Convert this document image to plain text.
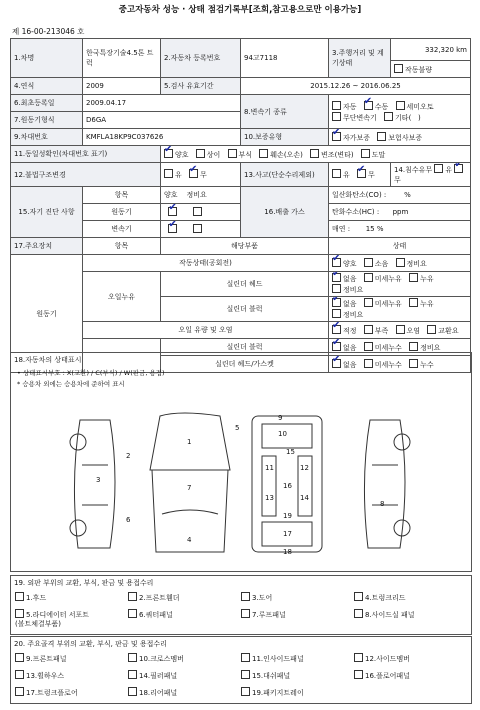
중고자동차 성능 · 상태 점검기록부[조회,참고용으로만 이용가능]
제 16-00-213046 호
1.차명	한국특장기술4.5톤 트럭	2.자동차 등록번호	94고7118	3.주행거리 및 계기상태	332,320 km
					작동불량
4.연식	2009	5.검사 유효기간	2015.12.26 ~ 2016.06.25		
6.최초등록일	2009.04.17		8.변속기 종류	자동 ✔ 수동 세미오토
무단변속기 기타( )
7.원동기형식	D6GA				
9.차대번호	KMFLA18KP9C037626		10.보증유형	✔자가보증 보험사보증
11.동일성확인(차대번호 표기)	✔양호 상이 부식 훼손(오손) 변조(변타) 도말
12.불법구조변경		유 ✔ 무	13.사고(단순수리제외)	유 ✔ 무	14.침수유무 유 ✔무
15.자기 진단 사항	항목	양호 정비요	16.배출 가스	일산화탄소(CO) : %	
	원동기	✔		탄화수소(HC) : ppm	
	변속기	✔		매연 : 15 %	
17.주요장치	항목	해당부품		상태	
원동기	작동상태(공회전)	✔양호 소음 정비요
	오일누유	실린더 헤드	✔없음 미세누유 누유 정비요
		실린더 블럭	✔없음 미세누유 누유 정비요
	오일 유량 및 오염	✔적정 부족 오염 교환요
		실린더 블럭	✔없음 미세누수 정비요
		실린더 헤드/가스켓	✔없음 미세누수 누수
18.자동차의 상태표시
• 상태표시부호 : X(교환) / C(부식) / W(판금, 용접)
* 승용차 외에는 승용차에 준하여 표시
1
2
3
4
5
6
7
8
9
10
11	12
13	14
15
16
17
18
19
19. 외판 부위의 교환, 부식, 판금 및 용접수리
1.후드	2.프론트휀더	3.도어	4.트렁크리드
5.라디에이터 서포트
(볼트체결부품)
6.쿼터패널	7.루프패널	8.사이드실 패널
20. 주요골격 부위의 교환, 부식, 판금 및 용접수리
9.프론트패널	10.크로스멤버	11.인사이드패널	12.사이드멤버
13.휠하우스	14.필러패널	15.대쉬패널	16.플로어패널
17.트렁크플로어	18.리어패널	19.패키지트레이
